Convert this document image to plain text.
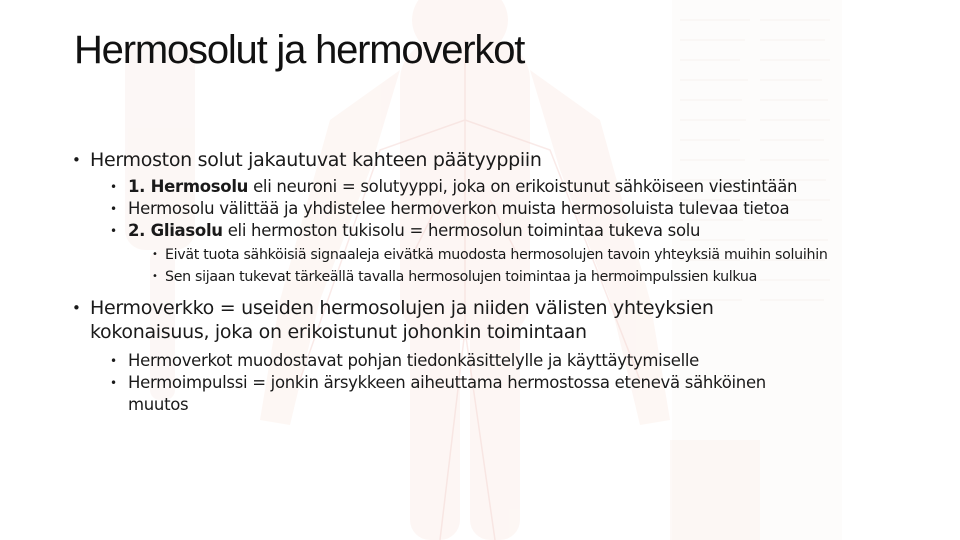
Hermosolut ja hermoverkot
• Hermoston solut jakautuvat kahteen päätyyppiin
• 1. Hermosolu eli neuroni = solutyyppi, joka on erikoistunut sähköiseen viestintään
• Hermosolu välittää ja yhdistelee hermoverkon muista hermosoluista tulevaa tietoa
• 2. Gliasolu eli hermoston tukisolu = hermosolun toimintaa tukeva solu
• Eivät tuota sähköisiä signaaleja eivätkä muodosta hermosolujen tavoin yhteyksiä muihin soluihin
• Sen sijaan tukevat tärkeällä tavalla hermosolujen toimintaa ja hermoimpulssien kulkua
• Hermoverkko = useiden hermosolujen ja niiden välisten yhteyksien kokonaisuus, joka on erikoistunut johonkin toimintaan
• Hermoverkot muodostavat pohjan tiedonkäsittelylle ja käyttäytymiselle
• Hermoimpulssi = jonkin ärsykkeen aiheuttama hermostossa etenevä sähköinen muutos
